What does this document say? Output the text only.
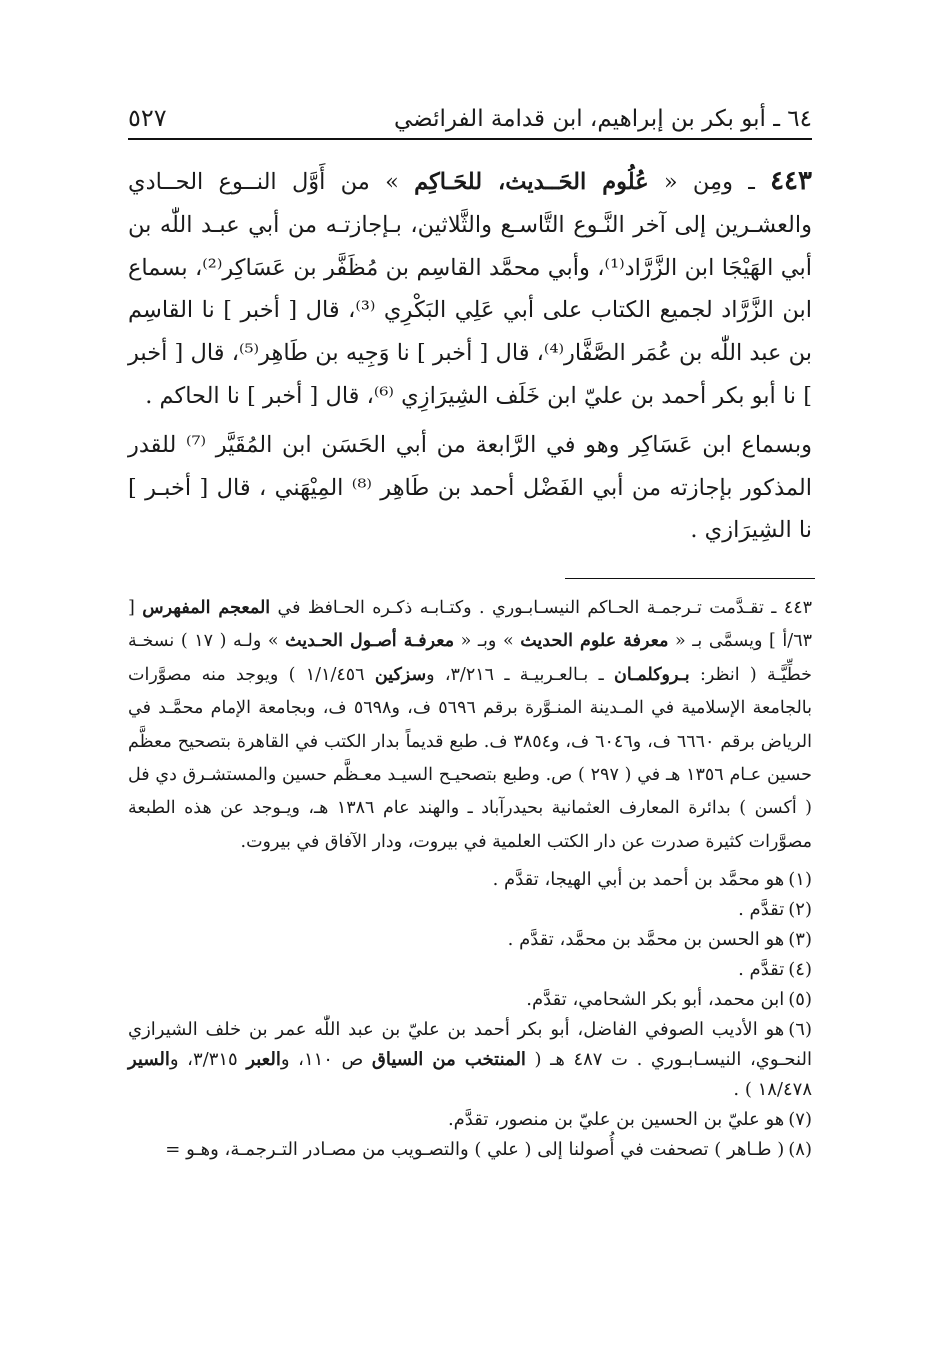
٦٤ ـ أبو بكر بن إبراهيم، ابن قدامة الفرائضي
٥٢٧

٤٤٣ ـ ومِن « عُلُوم الحَــديث، للحَـاكِم » من أَوَّل النــوع الحــادي والعشـرين إلى آخر النَّـوع التَّاسـع والثَّلاثين، بـإجازتـه من أبي عبـد اللّٰه بن أبي الهَيْجَا ابن الزَّرَّاد⁽¹⁾، وأبي محمَّد القاسِم بن مُظَفَّر بن عَسَاكِر⁽²⁾، بسماع ابن الزَّرَّاد لجميع الكتاب على أبي عَلِي البَكْرِي ⁽³⁾، قال [ أخبر ] نا القاسِم بن عبد اللّٰه بن عُمَر الصَّفَّار⁽⁴⁾، قال [ أخبر ] نا وَجِيه بن طَاهِر⁽⁵⁾، قال [ أخبر ] نا أبو بكر أحمد بن عليّ ابن خَلَف الشِيرَازِي ⁽⁶⁾، قال [ أخبر ] نا الحاكم .

وبسماع ابن عَسَاكِر وهو في الرَّابعة من أبي الحَسَن ابن المُقَيَّر ⁽⁷⁾ للقدر المذكور بإجازته من أبي الفَضْل أحمد بن طَاهِر ⁽⁸⁾ المِيْهَني ، قال [ أخبـر ] نا الشِيرَازي .

٤٤٣ ـ تقـدَّمت تـرجمـة الحـاكم النيسـابـوري . وكتـابـه ذكـره الحـافظ في المعجم المفهرس [ ٦٣/أ ] ويسمَّى بـ « معرفة علوم الحديث » وبـ « معرفـة أصـول الحـديث » ولـه ( ١٧ ) نسخـة خطِّيَّـة ( انظر: بـروكلمـان ـ بـالعـربيـة ـ ٣/٢١٦، وسزكين ١/١/٤٥٦ ) ويوجد منه مصوَّرات بالجامعة الإسلامية في المـدينة المنـوَّرة برقم ٥٦٩٦ ف، و٥٦٩٨ ف، وبجامعة الإمام محمَّـد في الرياض برقم ٦٦٦٠ ف، و٦٠٤٦ ف، و٣٨٥٤ ف. طبع قديماً بدار الكتب في القاهرة بتصحيح معظَّم حسين عـام ١٣٥٦ هـ في ( ٢٩٧ ) ص. وطبع بتصحيـح السيـد معـظَّم حسين والمستشـرق دي فل ( أكسن ) بدائرة المعارف العثمانية بحيدرآباد ـ والهند عام ١٣٨٦ هـ، ويـوجد عن هذه الطبعة مصوَّرات كثيرة صدرت عن دار الكتب العلمية في بيروت، ودار الآفاق في بيروت.

(١)هو محمَّد بن أحمد بن أبي الهيجا، تقدَّم .
(٢)تقدَّم .
(٣)هو الحسن بن محمَّد بن محمَّد، تقدَّم .
(٤)تقدَّم .
(٥)ابن محمد، أبو بكر الشحامي، تقدَّم.
(٦)هو الأديب الصوفي الفاضل، أبو بكر أحمد بن عليّ بن عبد اللّٰه عمر بن خلف الشيرازي النحـوي، النيسـابـوري . ت ٤٨٧ هـ ( المنتخب من السياق ص ١١٠، والعبر ٣/٣١٥، والسير ١٨/٤٧٨ ) .
(٧)هو عليّ بن الحسين بن عليّ بن منصور، تقدَّم.
(٨)( طـاهر ) تصحفت في أُصولنا إلى ( علي ) والتصـويب من مصـادر التـرجمـة، وهـو =
